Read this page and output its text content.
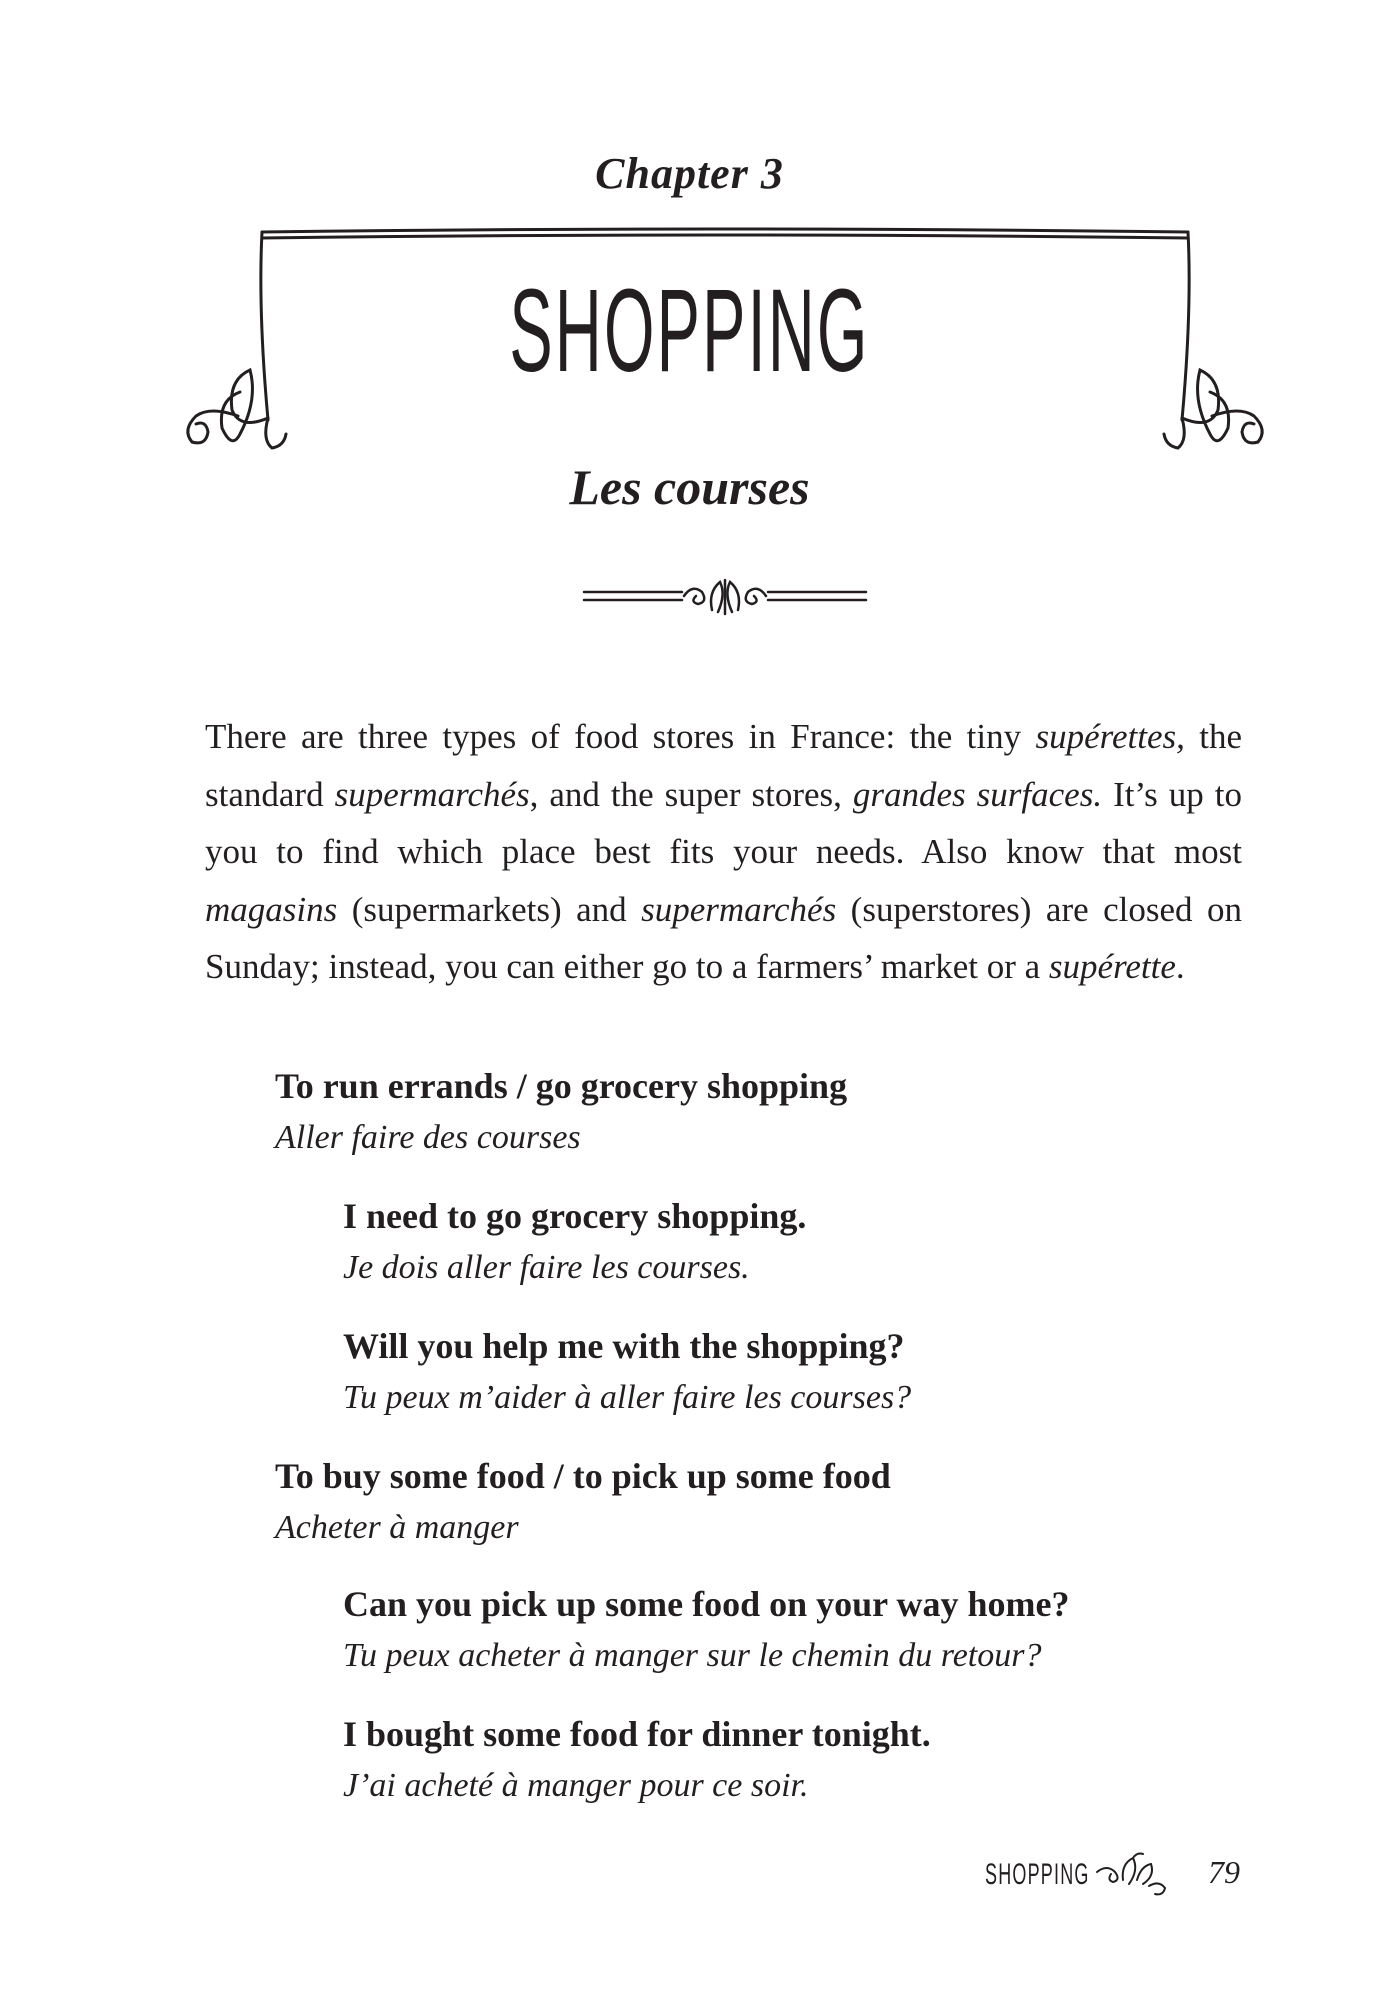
Chapter 3
SHOPPING
Les courses

There are three types of food stores in France: the tiny supérettes, the standard supermarchés, and the super stores, grandes surfaces. It’s up to you to find which place best fits your needs. Also know that most magasins (supermarkets) and supermarchés (superstores) are closed on Sunday; instead, you can either go to a farmers’ market or a supérette.

To run errands / go grocery shopping
Aller faire des courses
I need to go grocery shopping.
Je dois aller faire les courses.
Will you help me with the shopping?
Tu peux m’aider à aller faire les courses?
To buy some food / to pick up some food
Acheter à manger
Can you pick up some food on your way home?
Tu peux acheter à manger sur le chemin du retour?
I bought some food for dinner tonight.
J’ai acheté à manger pour ce soir.
SHOPPING	79
